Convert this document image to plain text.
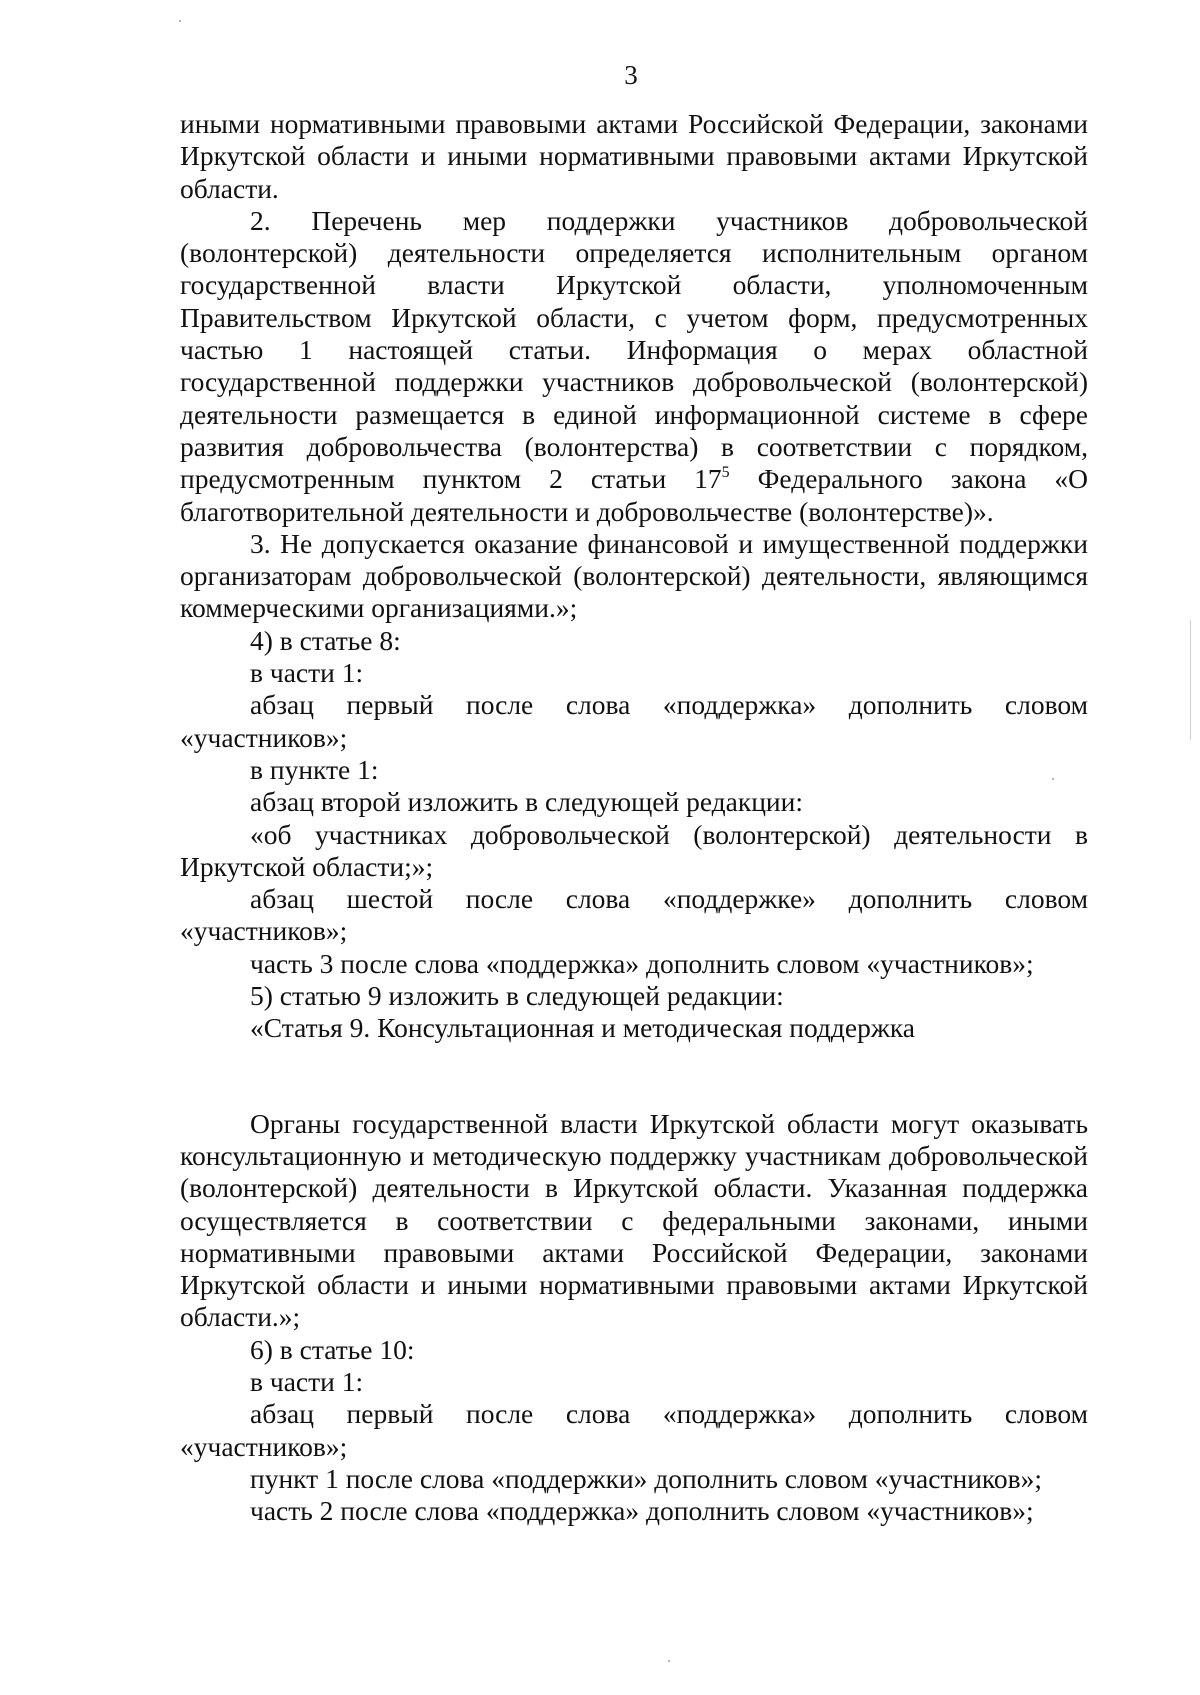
3

иными нормативными правовыми актами Российской Федерации, законами Иркутской области и иными нормативными правовыми актами Иркутской области.

2. Перечень мер поддержки участников добровольческой (волонтерской) деятельности определяется исполнительным органом государственной власти Иркутской области, уполномоченным Правительством Иркутской области, с учетом форм, предусмотренных частью 1 настоящей статьи. Информация о мерах областной государственной поддержки участников добровольческой (волонтерской) деятельности размещается в единой информационной системе в сфере развития добровольчества (волонтерства) в соответствии с порядком, предусмотренным пунктом 2 статьи $17^5$ Федерального закона «О благотворительной деятельности и добровольчестве (волонтерстве)».

3. Не допускается оказание финансовой и имущественной поддержки организаторам добровольческой (волонтерской) деятельности, являющимся коммерческими организациями.»;

4) в статье 8:

в части 1:

абзац первый после слова «поддержка» дополнить словом «участников»;

в пункте 1:

абзац второй изложить в следующей редакции:

«об участниках добровольческой (волонтерской) деятельности в Иркутской области;»;

абзац шестой после слова «поддержке» дополнить словом «участников»;

часть 3 после слова «поддержка» дополнить словом «участников»;

5) статью 9 изложить в следующей редакции:

«Статья 9. Консультационная и методическая поддержка

Органы государственной власти Иркутской области могут оказывать консультационную и методическую поддержку участникам добровольческой (волонтерской) деятельности в Иркутской области. Указанная поддержка осуществляется в соответствии с федеральными законами, иными нормативными правовыми актами Российской Федерации, законами Иркутской области и иными нормативными правовыми актами Иркутской области.»;

6) в статье 10:

в части 1:

абзац первый после слова «поддержка» дополнить словом «участников»;

пункт 1 после слова «поддержки» дополнить словом «участников»;

часть 2 после слова «поддержка» дополнить словом «участников»;
